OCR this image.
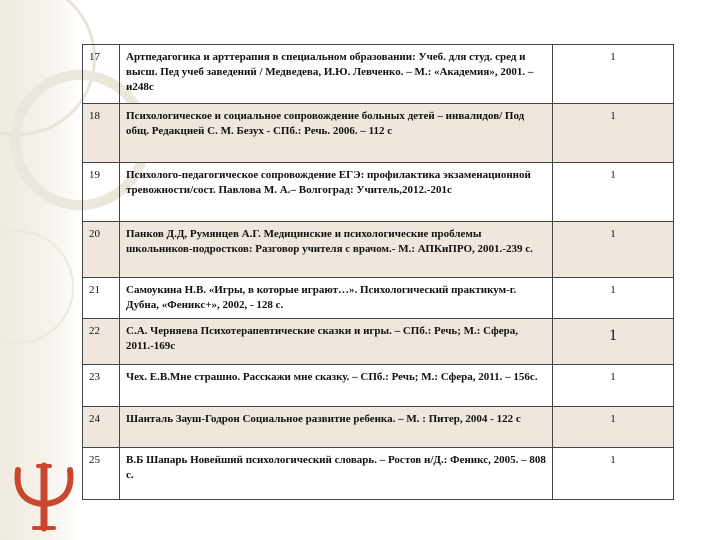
17	Артпедагогика и арттерапия в специальном образовании: Учеб. для студ. сред и высш. Пед учеб заведений / Медведева, И.Ю. Левченко. – М.: «Академия», 2001. –и248с	1
18	Психологическое и социальное сопровождение больных детей – инвалидов/ Под общ. Редакцией С. М. Безух - СПб.: Речь. 2006. – 112 с	1
19	Психолого-педагогическое сопровождение ЕГЭ: профилактика экзаменационной тревожности/сост. Павлова М. А.– Волгоград: Учитель,2012.-201с	1
20	Панков Д.Д, Румянцев А.Г. Медицинские и психологические проблемы школьников-подростков: Разговор учителя с врачом.- М.: АПКиПРО, 2001.-239 с.	1
21	Самоукина Н.В. «Игры, в которые играют…». Психологический практикум-г. Дубна, «Феникс+», 2002, - 128 с.	1
22	С.А. Черняева Психотерапевтические сказки и игры. – СПб.: Речь; М.: Сфера, 2011.-169с	1
23	Чех. Е.В.Мне страшно. Расскажи мне сказку. – СПб.: Речь; М.: Сфера, 2011. – 156с.	1
24	Шанталь Зауш-Годрон Социальное развитие ребенка. – М. : Питер, 2004 - 122 с	1
25	В.Б Шапарь Новейший психологический словарь. – Ростов н/Д.: Феникс, 2005. – 808 с.	1
